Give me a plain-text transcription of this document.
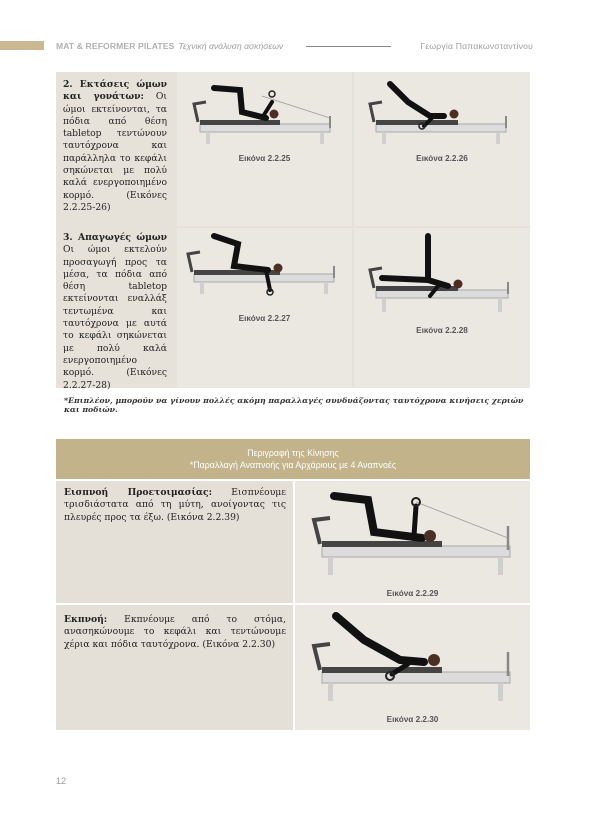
MAT & REFORMER PILATES Τεχνική ανάλυση ασκήσεων	Γεωργία Παπακωνσταντίνου
2. Εκτάσεις ώμων και γονάτων: Οι ώμοι εκτείνονται, τα πόδια από θέση tabletop τεντώνουν ταυτόχρονα και παράλληλα το κεφάλι σηκώνεται με πολύ καλά ενεργοποιημένο κορμό. (Εικόνες 2.2.25-26)
3. Απαγωγές ώμων Οι ώμοι εκτελούν προσαγωγή προς τα μέσα, τα πόδια από θέση tabletop εκτείνονται εναλλάξ τεντωμένα και ταυτόχρονα με αυτά το κεφάλι σηκώνεται με πολύ καλά ενεργοποιημένο κορμό. (Εικόνες 2.2.27-28)
Εικόνα 2.2.25	Εικόνα 2.2.26
Εικόνα 2.2.27
Εικόνα 2.2.28
*Επιπλέον, μπορούν να γίνουν πολλές ακόμη παραλλαγές συνδυάζοντας ταυτόχρονα κινήσεις χεριών και ποδιών.
Περιγραφή της Κίνησης
*Παραλλαγή Αναπνοής για Αρχάριους με 4 Αναπνοές
Εισπνοή Προετοιμασίας: Εισπνέουμε τρισδιάστατα από τη μύτη, ανοίγοντας τις πλευρές προς τα έξω. (Εικόνα 2.2.39)
Εκπνοή: Εκπνέουμε από το στόμα, ανασηκώνουμε το κεφάλι και τεντώνουμε χέρια και πόδια ταυτόχρονα. (Εικόνα 2.2.30)
Εικόνα 2.2.29
Εικόνα 2.2.30
12
